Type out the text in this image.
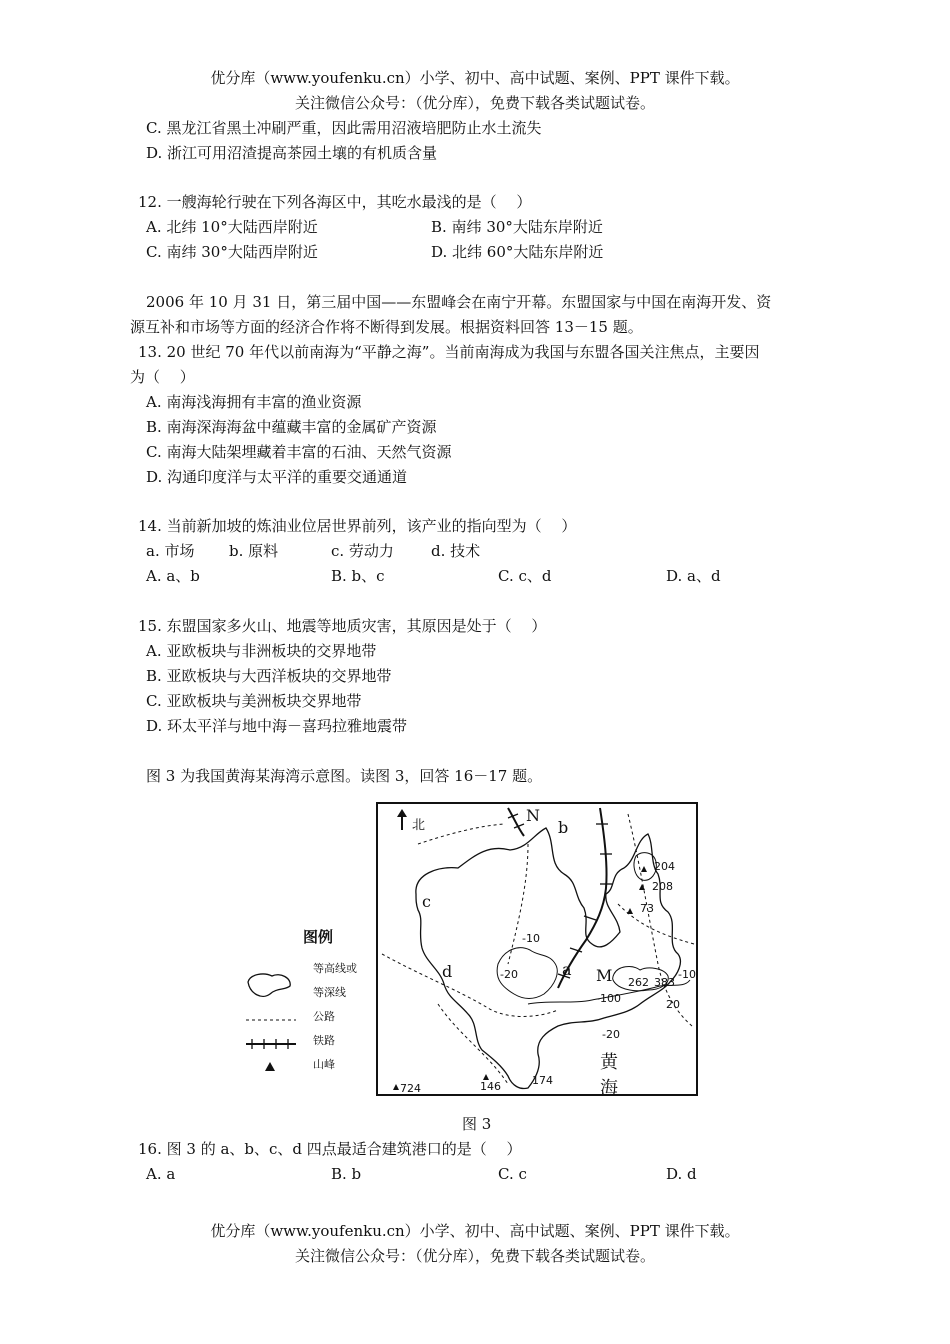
优分库（www.youfenku.cn）小学、初中、高中试题、案例、PPT 课件下载。
关注微信公众号：（优分库），免费下载各类试题试卷。
C. 黑龙江省黑土冲刷严重，因此需用沼液培肥防止水土流失
D. 浙江可用沼渣提高茶园土壤的有机质含量
12. 一艘海轮行驶在下列各海区中，其吃水最浅的是（　 ）
A. 北纬 10°大陆西岸附近	B. 南纬 30°大陆东岸附近
C. 南纬 30°大陆西岸附近	D. 北纬 60°大陆东岸附近
2006 年 10 月 31 日，第三届中国——东盟峰会在南宁开幕。东盟国家与中国在南海开发、资
源互补和市场等方面的经济合作将不断得到发展。根据资料回答 13－15 题。
13. 20 世纪 70 年代以前南海为“平静之海”。当前南海成为我国与东盟各国关注焦点，主要因
为（　 ）
A. 南海浅海拥有丰富的渔业资源
B. 南海深海海盆中蕴藏丰富的金属矿产资源
C. 南海大陆架埋藏着丰富的石油、天然气资源
D. 沟通印度洋与太平洋的重要交通通道
14. 当前新加坡的炼油业位居世界前列，该产业的指向型为（　 ）
a. 市场 b. 原料	c. 劳动力 d. 技术
A. a、b	B. b、c	C. c、d	D. a、d
15. 东盟国家多火山、地震等地质灾害，其原因是处于（　 ）
A. 亚欧板块与非洲板块的交界地带
B. 亚欧板块与大西洋板块的交界地带
C. 亚欧板块与美洲板块交界地带
D. 环太平洋与地中海－喜玛拉雅地震带
图 3 为我国黄海某海湾示意图。读图 3，回答 16－17 题。
图例
等高线或
等深线
公路
铁路
山峰
N
b
c
d	a M
黄海
204
208
73
-10
-20
-100
262 383
-10
20
-20
146	174
724
北
图 3
16. 图 3 的 a、b、c、d 四点最适合建筑港口的是（　 ）
A. a	B. b	C. c	D. d
优分库（www.youfenku.cn）小学、初中、高中试题、案例、PPT 课件下载。
关注微信公众号：（优分库），免费下载各类试题试卷。
